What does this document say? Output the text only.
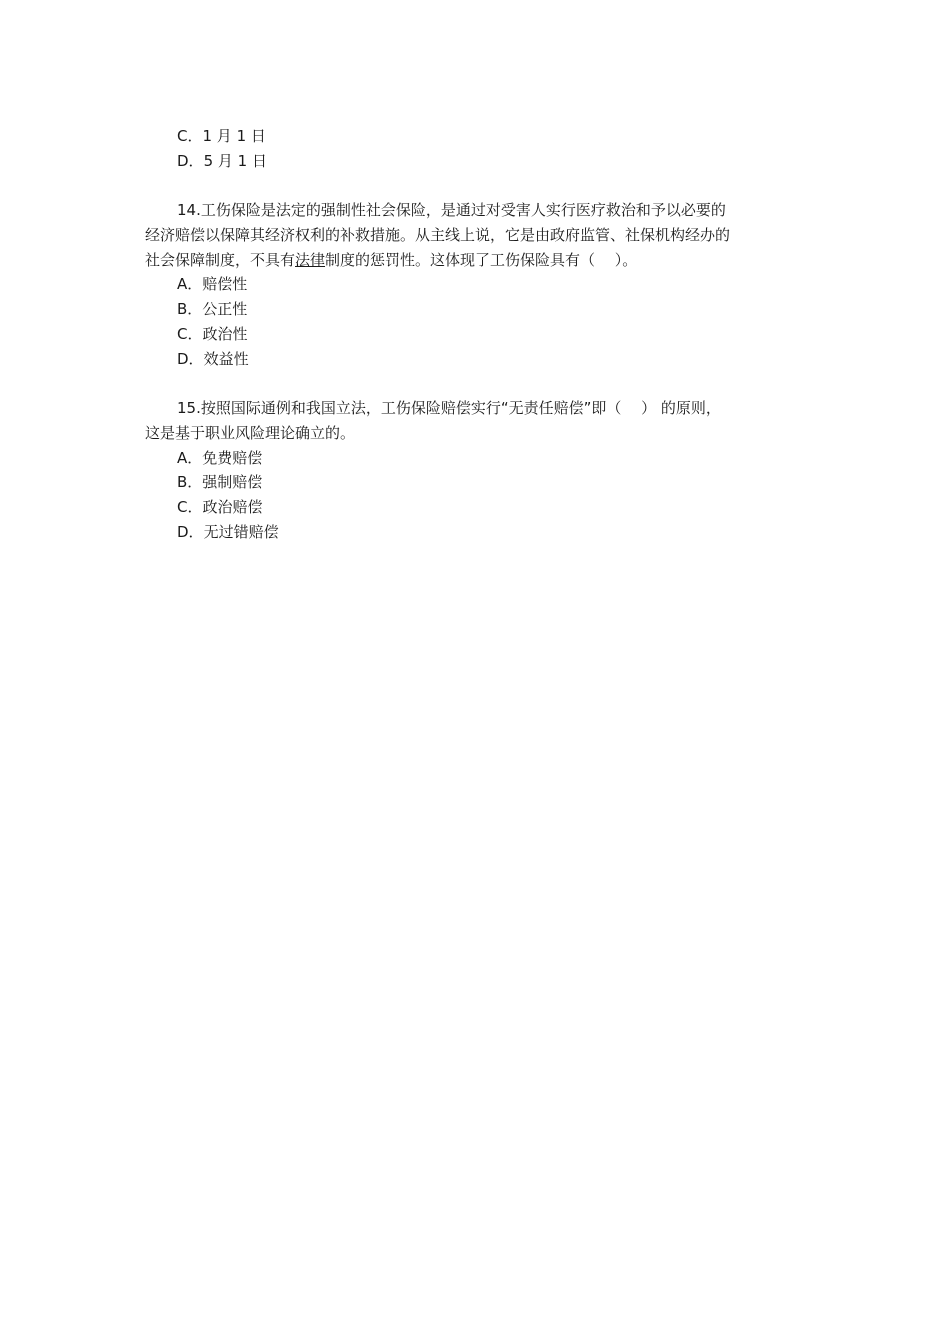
C．1 月 1 日
D．5 月 1 日
14.工伤保险是法定的强制性社会保险，是通过对受害人实行医疗救治和予以必要的
经济赔偿以保障其经济权利的补救措施。从主线上说，它是由政府监管、社保机构经办的
社会保障制度，不具有法律制度的惩罚性。这体现了工伤保险具有（　 ）。
A．赔偿性
B．公正性
C．政治性
D．效益性
15.按照国际通例和我国立法，工伤保险赔偿实行“无责任赔偿”即（　 ） 的原则，
这是基于职业风险理论确立的。
A．免费赔偿
B．强制赔偿
C．政治赔偿
D．无过错赔偿
